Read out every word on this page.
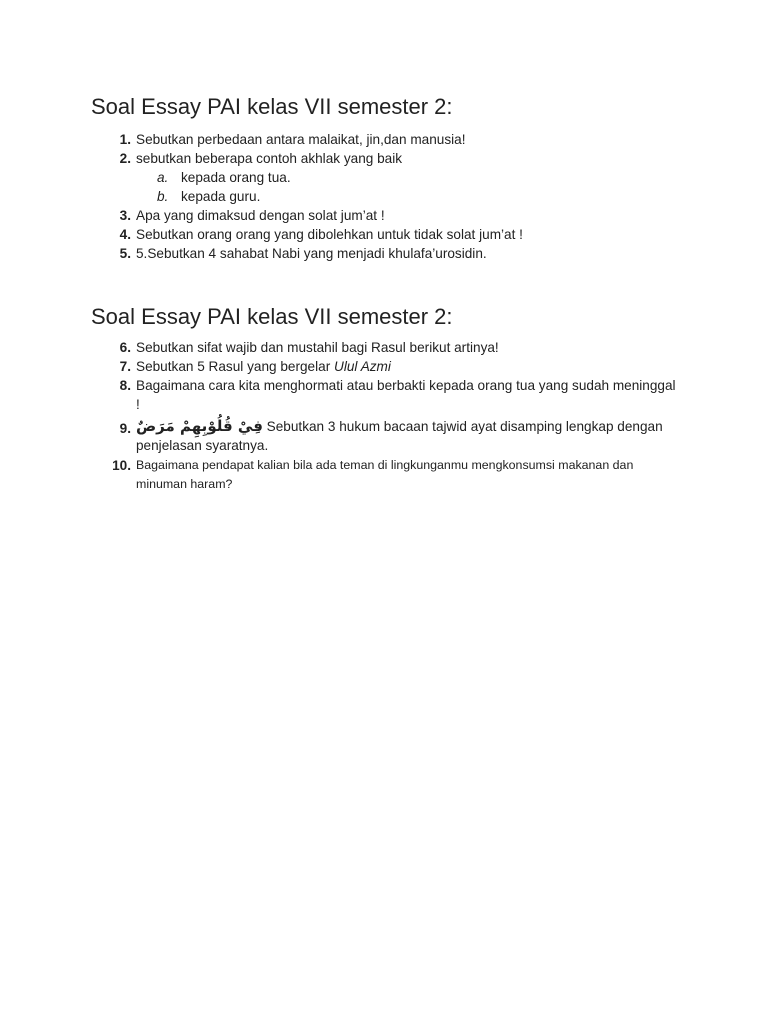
Soal Essay PAI kelas VII semester 2:
1. Sebutkan perbedaan antara malaikat, jin,dan manusia!
2. sebutkan beberapa contoh akhlak yang baik
a. kepada orang tua.
b. kepada guru.
3. Apa yang dimaksud dengan solat jum’at !
4. Sebutkan orang orang yang dibolehkan untuk tidak solat jum’at !
5. 5.Sebutkan 4 sahabat Nabi yang menjadi khulafa’urosidin.
Soal Essay PAI kelas VII semester 2:
6. Sebutkan sifat wajib dan mustahil bagi Rasul berikut artinya!
7. Sebutkan 5 Rasul yang bergelar Ulul Azmi
8. Bagaimana cara kita menghormati atau berbakti kepada orang tua yang sudah meninggal !
9. فِيْ قُلُوْبِهِمْ مَرَضٌ Sebutkan 3 hukum bacaan tajwid ayat disamping lengkap dengan penjelasan syaratnya.
10. Bagaimana pendapat kalian bila ada teman di lingkunganmu mengkonsumsi makanan dan minuman haram?
